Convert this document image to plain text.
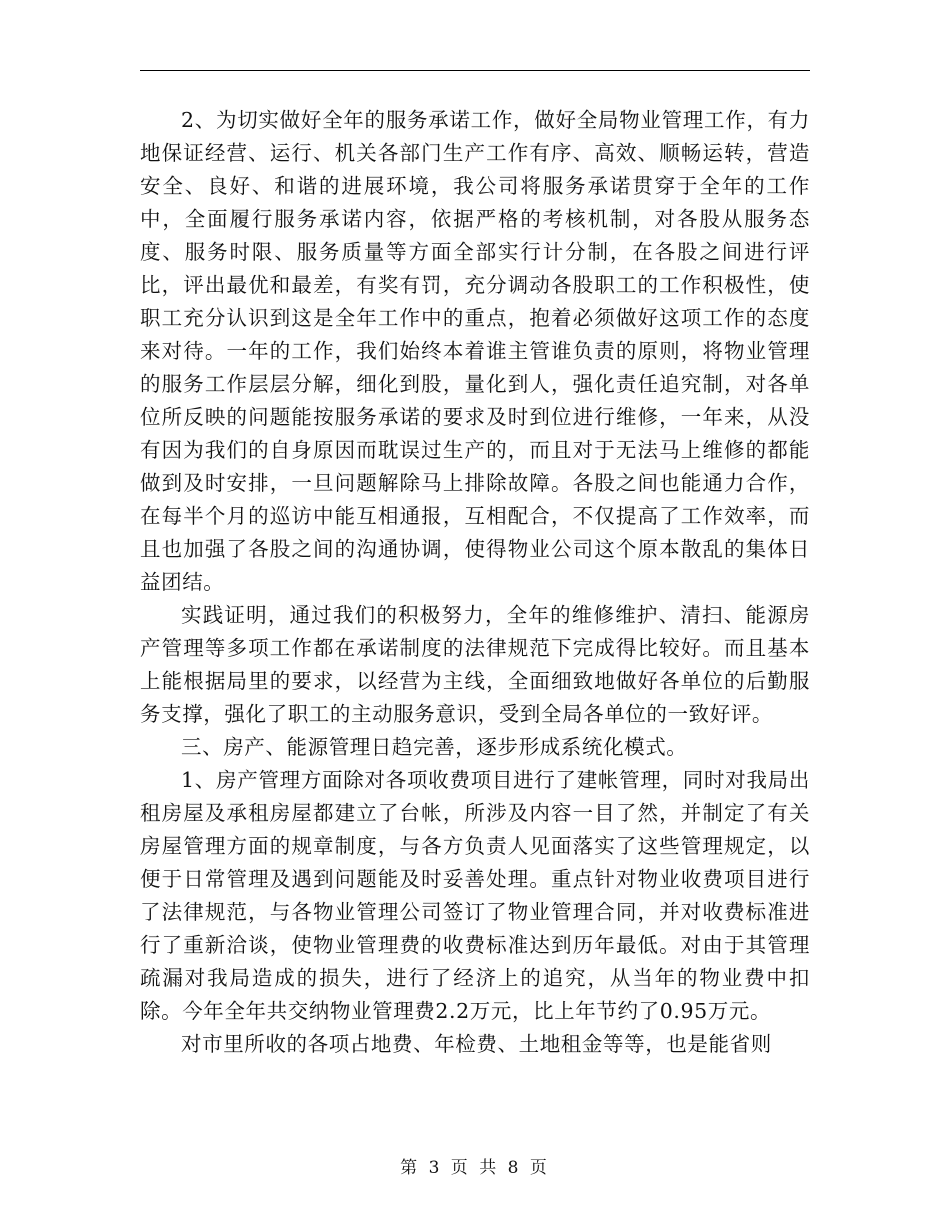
2、为切实做好全年的服务承诺工作，做好全局物业管理工作，有力地保证经营、运行、机关各部门生产工作有序、高效、顺畅运转，营造安全、良好、和谐的进展环境，我公司将服务承诺贯穿于全年的工作中，全面履行服务承诺内容，依据严格的考核机制，对各股从服务态度、服务时限、服务质量等方面全部实行计分制，在各股之间进行评比，评出最优和最差，有奖有罚，充分调动各股职工的工作积极性，使职工充分认识到这是全年工作中的重点，抱着必须做好这项工作的态度来对待。一年的工作，我们始终本着谁主管谁负责的原则，将物业管理的服务工作层层分解，细化到股，量化到人，强化责任追究制，对各单位所反映的问题能按服务承诺的要求及时到位进行维修，一年来，从没有因为我们的自身原因而耽误过生产的，而且对于无法马上维修的都能做到及时安排，一旦问题解除马上排除故障。各股之间也能通力合作，在每半个月的巡访中能互相通报，互相配合，不仅提高了工作效率，而且也加强了各股之间的沟通协调，使得物业公司这个原本散乱的集体日益团结。

实践证明，通过我们的积极努力，全年的维修维护、清扫、能源房产管理等多项工作都在承诺制度的法律规范下完成得比较好。而且基本上能根据局里的要求，以经营为主线，全面细致地做好各单位的后勤服务支撑，强化了职工的主动服务意识，受到全局各单位的一致好评。

三、房产、能源管理日趋完善，逐步形成系统化模式。

1、房产管理方面除对各项收费项目进行了建帐管理，同时对我局出租房屋及承租房屋都建立了台帐，所涉及内容一目了然，并制定了有关房屋管理方面的规章制度，与各方负责人见面落实了这些管理规定，以便于日常管理及遇到问题能及时妥善处理。重点针对物业收费项目进行了法律规范，与各物业管理公司签订了物业管理合同，并对收费标准进行了重新洽谈，使物业管理费的收费标准达到历年最低。对由于其管理疏漏对我局造成的损失，进行了经济上的追究，从当年的物业费中扣除。今年全年共交纳物业管理费2.2万元，比上年节约了0.95万元。

对市里所收的各项占地费、年检费、土地租金等等，也是能省则

第 3 页 共 8 页
